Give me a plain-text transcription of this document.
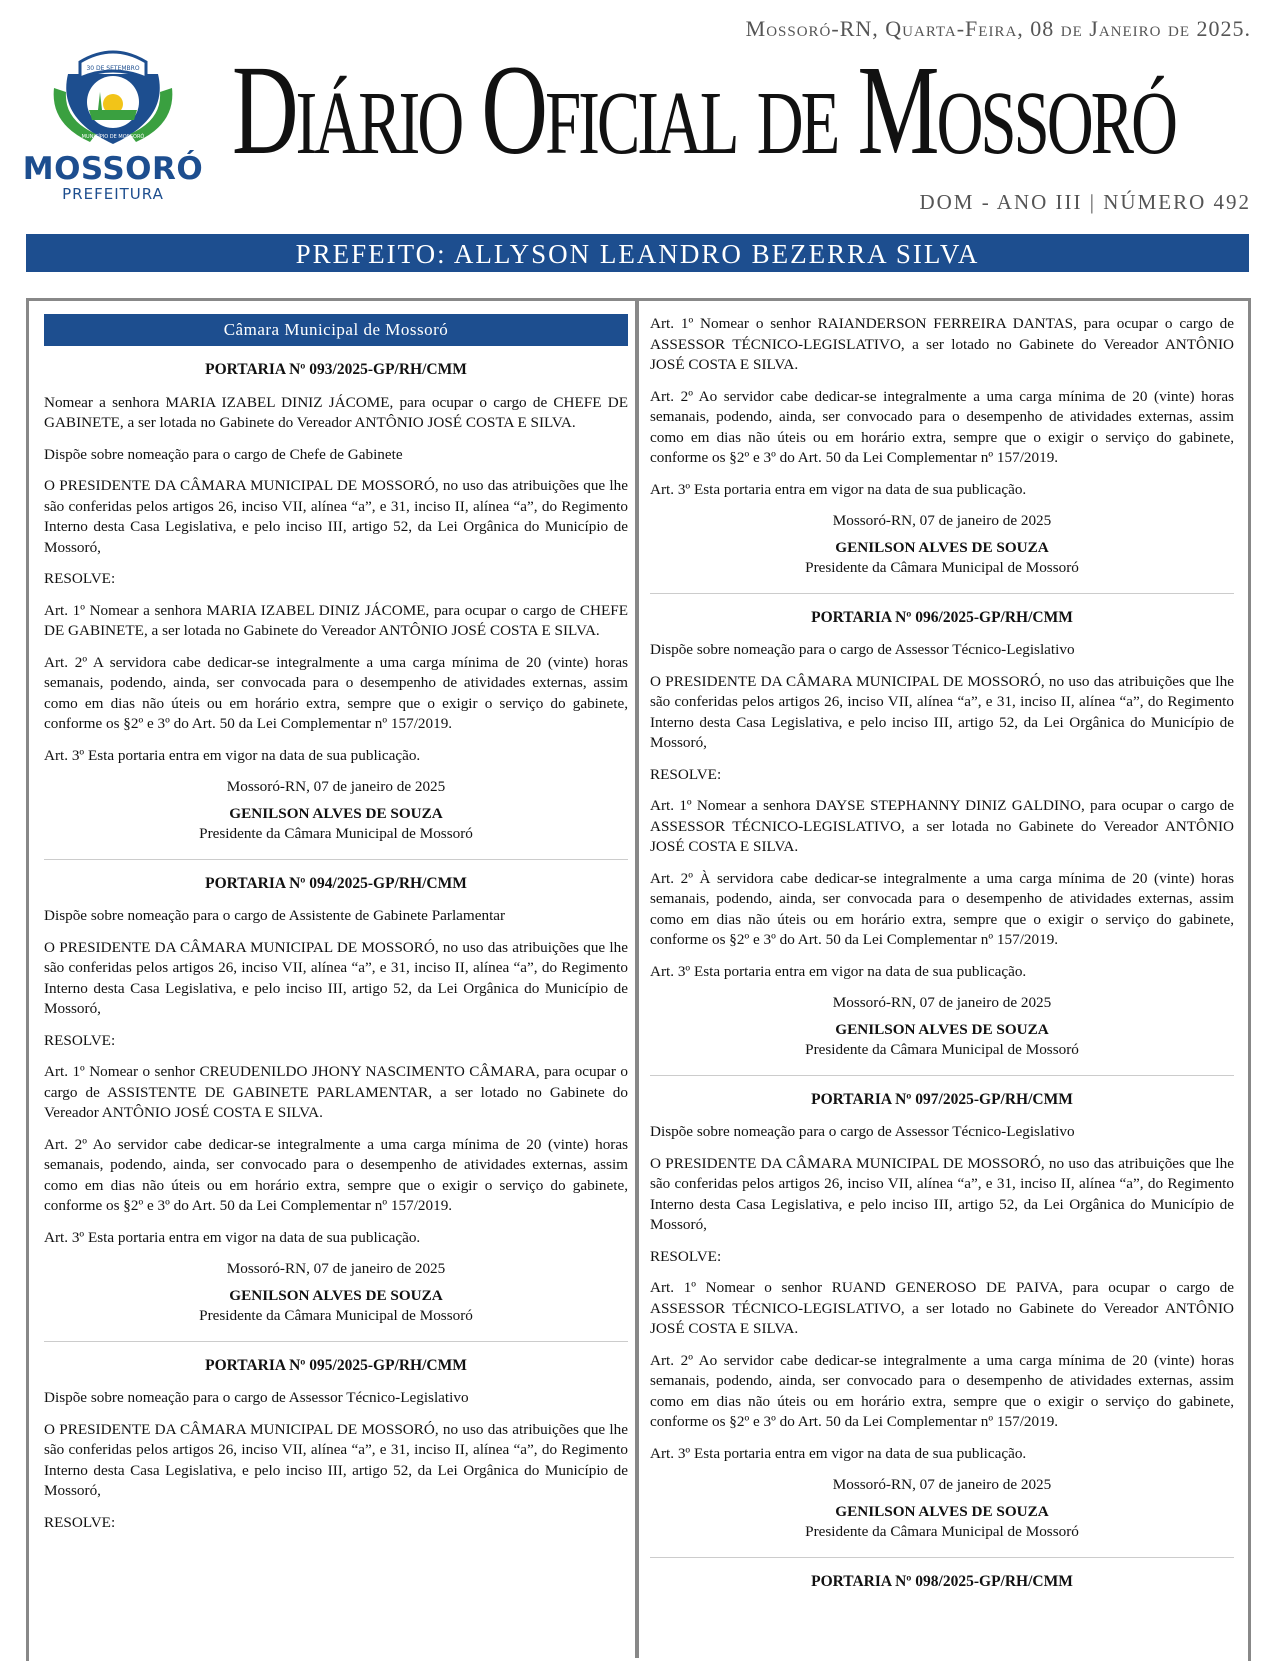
30 DE SETEMBRO
MUNICÍPIO DE MOSSORÓ
MOSSORÓ
PREFEITURA
Mossoró-RN, Quarta-Feira, 08 de Janeiro de 2025.
Diário Oficial de Mossoró
DOM - ANO III | NÚMERO 492
PREFEITO: ALLYSON LEANDRO BEZERRA SILVA
Câmara Municipal de Mossoró
PORTARIA Nº 093/2025-GP/RH/CMM

Nomear a senhora MARIA IZABEL DINIZ JÁCOME, para ocupar o cargo de CHEFE DE GABINETE, a ser lotada no Gabinete do Vereador ANTÔNIO JOSÉ COSTA E SILVA.

Dispõe sobre nomeação para o cargo de Chefe de Gabinete

O PRESIDENTE DA CÂMARA MUNICIPAL DE MOSSORÓ, no uso das atribuições que lhe são conferidas pelos artigos 26, inciso VII, alínea “a”, e 31, inciso II, alínea “a”, do Regimento Interno desta Casa Legislativa, e pelo inciso III, artigo 52, da Lei Orgânica do Município de Mossoró,

RESOLVE:

Art. 1º Nomear a senhora MARIA IZABEL DINIZ JÁCOME, para ocupar o cargo de CHEFE DE GABINETE, a ser lotada no Gabinete do Vereador ANTÔNIO JOSÉ COSTA E SILVA.

Art. 2º A servidora cabe dedicar-se integralmente a uma carga mínima de 20 (vinte) horas semanais, podendo, ainda, ser convocada para o desempenho de atividades externas, assim como em dias não úteis ou em horário extra, sempre que o exigir o serviço do gabinete, conforme os §2º e 3º do Art. 50 da Lei Complementar nº 157/2019.

Art. 3º Esta portaria entra em vigor na data de sua publicação.

Mossoró-RN, 07 de janeiro de 2025
GENILSON ALVES DE SOUZA
Presidente da Câmara Municipal de Mossoró
PORTARIA Nº 094/2025-GP/RH/CMM

Dispõe sobre nomeação para o cargo de Assistente de Gabinete Parlamentar

O PRESIDENTE DA CÂMARA MUNICIPAL DE MOSSORÓ, no uso das atribuições que lhe são conferidas pelos artigos 26, inciso VII, alínea “a”, e 31, inciso II, alínea “a”, do Regimento Interno desta Casa Legislativa, e pelo inciso III, artigo 52, da Lei Orgânica do Município de Mossoró,

RESOLVE:

Art. 1º Nomear o senhor CREUDENILDO JHONY NASCIMENTO CÂMARA, para ocupar o cargo de ASSISTENTE DE GABINETE PARLAMENTAR, a ser lotado no Gabinete do Vereador ANTÔNIO JOSÉ COSTA E SILVA.

Art. 2º Ao servidor cabe dedicar-se integralmente a uma carga mínima de 20 (vinte) horas semanais, podendo, ainda, ser convocado para o desempenho de atividades externas, assim como em dias não úteis ou em horário extra, sempre que o exigir o serviço do gabinete, conforme os §2º e 3º do Art. 50 da Lei Complementar nº 157/2019.

Art. 3º Esta portaria entra em vigor na data de sua publicação.

Mossoró-RN, 07 de janeiro de 2025
GENILSON ALVES DE SOUZA
Presidente da Câmara Municipal de Mossoró
PORTARIA Nº 095/2025-GP/RH/CMM

Dispõe sobre nomeação para o cargo de Assessor Técnico-Legislativo

O PRESIDENTE DA CÂMARA MUNICIPAL DE MOSSORÓ, no uso das atribuições que lhe são conferidas pelos artigos 26, inciso VII, alínea “a”, e 31, inciso II, alínea “a”, do Regimento Interno desta Casa Legislativa, e pelo inciso III, artigo 52, da Lei Orgânica do Município de Mossoró,

RESOLVE:

Art. 1º Nomear o senhor RAIANDERSON FERREIRA DANTAS, para ocupar o cargo de ASSESSOR TÉCNICO-LEGISLATIVO, a ser lotado no Gabinete do Vereador ANTÔNIO JOSÉ COSTA E SILVA.

Art. 2º Ao servidor cabe dedicar-se integralmente a uma carga mínima de 20 (vinte) horas semanais, podendo, ainda, ser convocado para o desempenho de atividades externas, assim como em dias não úteis ou em horário extra, sempre que o exigir o serviço do gabinete, conforme os §2º e 3º do Art. 50 da Lei Complementar nº 157/2019.

Art. 3º Esta portaria entra em vigor na data de sua publicação.

Mossoró-RN, 07 de janeiro de 2025
GENILSON ALVES DE SOUZA
Presidente da Câmara Municipal de Mossoró
PORTARIA Nº 096/2025-GP/RH/CMM

Dispõe sobre nomeação para o cargo de Assessor Técnico-Legislativo

O PRESIDENTE DA CÂMARA MUNICIPAL DE MOSSORÓ, no uso das atribuições que lhe são conferidas pelos artigos 26, inciso VII, alínea “a”, e 31, inciso II, alínea “a”, do Regimento Interno desta Casa Legislativa, e pelo inciso III, artigo 52, da Lei Orgânica do Município de Mossoró,

RESOLVE:

Art. 1º Nomear a senhora DAYSE STEPHANNY DINIZ GALDINO, para ocupar o cargo de ASSESSOR TÉCNICO-LEGISLATIVO, a ser lotada no Gabinete do Vereador ANTÔNIO JOSÉ COSTA E SILVA.

Art. 2º À servidora cabe dedicar-se integralmente a uma carga mínima de 20 (vinte) horas semanais, podendo, ainda, ser convocada para o desempenho de atividades externas, assim como em dias não úteis ou em horário extra, sempre que o exigir o serviço do gabinete, conforme os §2º e 3º do Art. 50 da Lei Complementar nº 157/2019.

Art. 3º Esta portaria entra em vigor na data de sua publicação.

Mossoró-RN, 07 de janeiro de 2025
GENILSON ALVES DE SOUZA
Presidente da Câmara Municipal de Mossoró
PORTARIA Nº 097/2025-GP/RH/CMM

Dispõe sobre nomeação para o cargo de Assessor Técnico-Legislativo

O PRESIDENTE DA CÂMARA MUNICIPAL DE MOSSORÓ, no uso das atribuições que lhe são conferidas pelos artigos 26, inciso VII, alínea “a”, e 31, inciso II, alínea “a”, do Regimento Interno desta Casa Legislativa, e pelo inciso III, artigo 52, da Lei Orgânica do Município de Mossoró,

RESOLVE:

Art. 1º Nomear o senhor RUAND GENEROSO DE PAIVA, para ocupar o cargo de ASSESSOR TÉCNICO-LEGISLATIVO, a ser lotado no Gabinete do Vereador ANTÔNIO JOSÉ COSTA E SILVA.

Art. 2º Ao servidor cabe dedicar-se integralmente a uma carga mínima de 20 (vinte) horas semanais, podendo, ainda, ser convocado para o desempenho de atividades externas, assim como em dias não úteis ou em horário extra, sempre que o exigir o serviço do gabinete, conforme os §2º e 3º do Art. 50 da Lei Complementar nº 157/2019.

Art. 3º Esta portaria entra em vigor na data de sua publicação.

Mossoró-RN, 07 de janeiro de 2025
GENILSON ALVES DE SOUZA
Presidente da Câmara Municipal de Mossoró
PORTARIA Nº 098/2025-GP/RH/CMM
